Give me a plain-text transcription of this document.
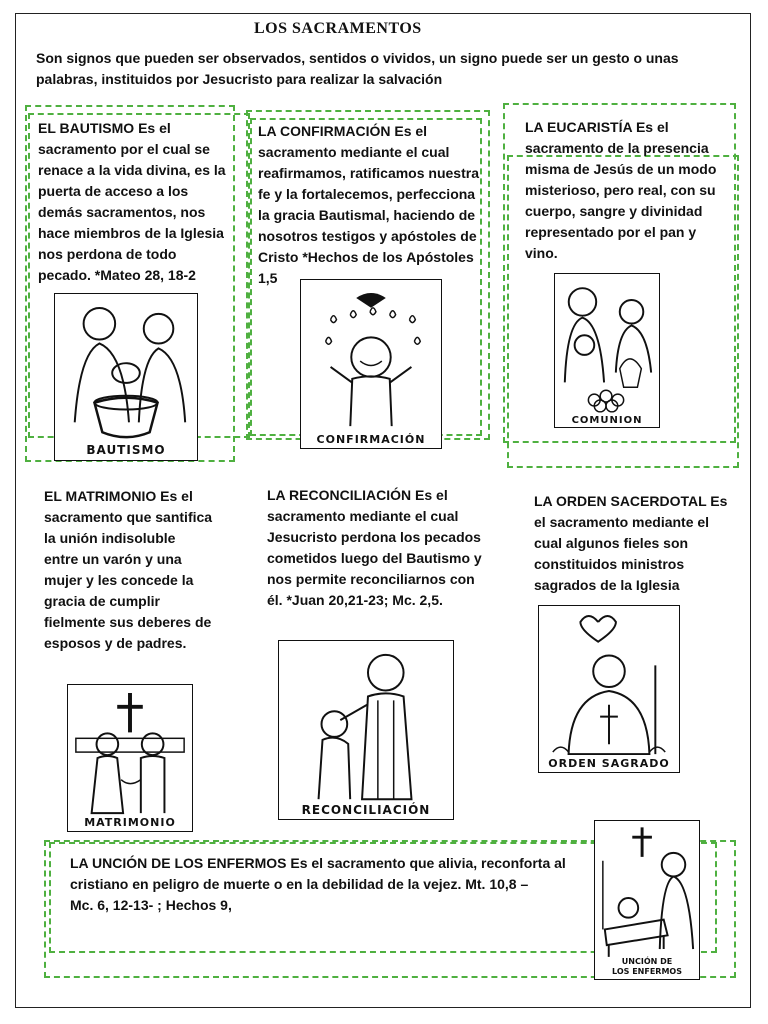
LOS SACRAMENTOS
Son signos que pueden ser observados, sentidos o vividos, un signo puede ser un gesto o unas palabras, instituidos por Jesucristo para realizar la salvación
EL BAUTISMO Es el
sacramento por el cual se
renace a la vida divina, es la
puerta de acceso a los
demás sacramentos, nos
hace miembros de la Iglesia
nos perdona de todo
pecado. *Mateo 28, 18-2
BAUTISMO
LA CONFIRMACIÓN Es el
sacramento mediante el cual
reafirmamos, ratificamos nuestra
fe y la fortalecemos, perfecciona
la gracia Bautismal, haciendo de
nosotros testigos y apóstoles de
Cristo *Hechos de los Apóstoles
1,5
CONFIRMACIÓN
LA EUCARISTÍA Es el
sacramento de la presencia
misma de Jesús de un modo
misterioso, pero real, con su
cuerpo, sangre y divinidad
representado por el pan y
vino.
COMUNION
EL MATRIMONIO Es el
sacramento que santifica
la unión indisoluble
entre un varón y una
mujer y les concede la
gracia de cumplir
fielmente sus deberes de
esposos y de padres.
MATRIMONIO
LA RECONCILIACIÓN Es el
sacramento mediante el cual
Jesucristo perdona los pecados
cometidos luego del Bautismo y
nos permite reconciliarnos con
él. *Juan 20,21-23; Mc. 2,5.
RECONCILIACIÓN
LA ORDEN SACERDOTAL Es
el sacramento mediante el
cual algunos fieles son
constituidos ministros
sagrados de la Iglesia
ORDEN SAGRADO
LA UNCIÓN DE LOS ENFERMOS Es el sacramento que alivia, reconforta al
cristiano en peligro de muerte o en la debilidad de la vejez. Mt. 10,8 –
Mc. 6, 12-13- ; Hechos 9,
UNCIÓN DE
LOS ENFERMOS
